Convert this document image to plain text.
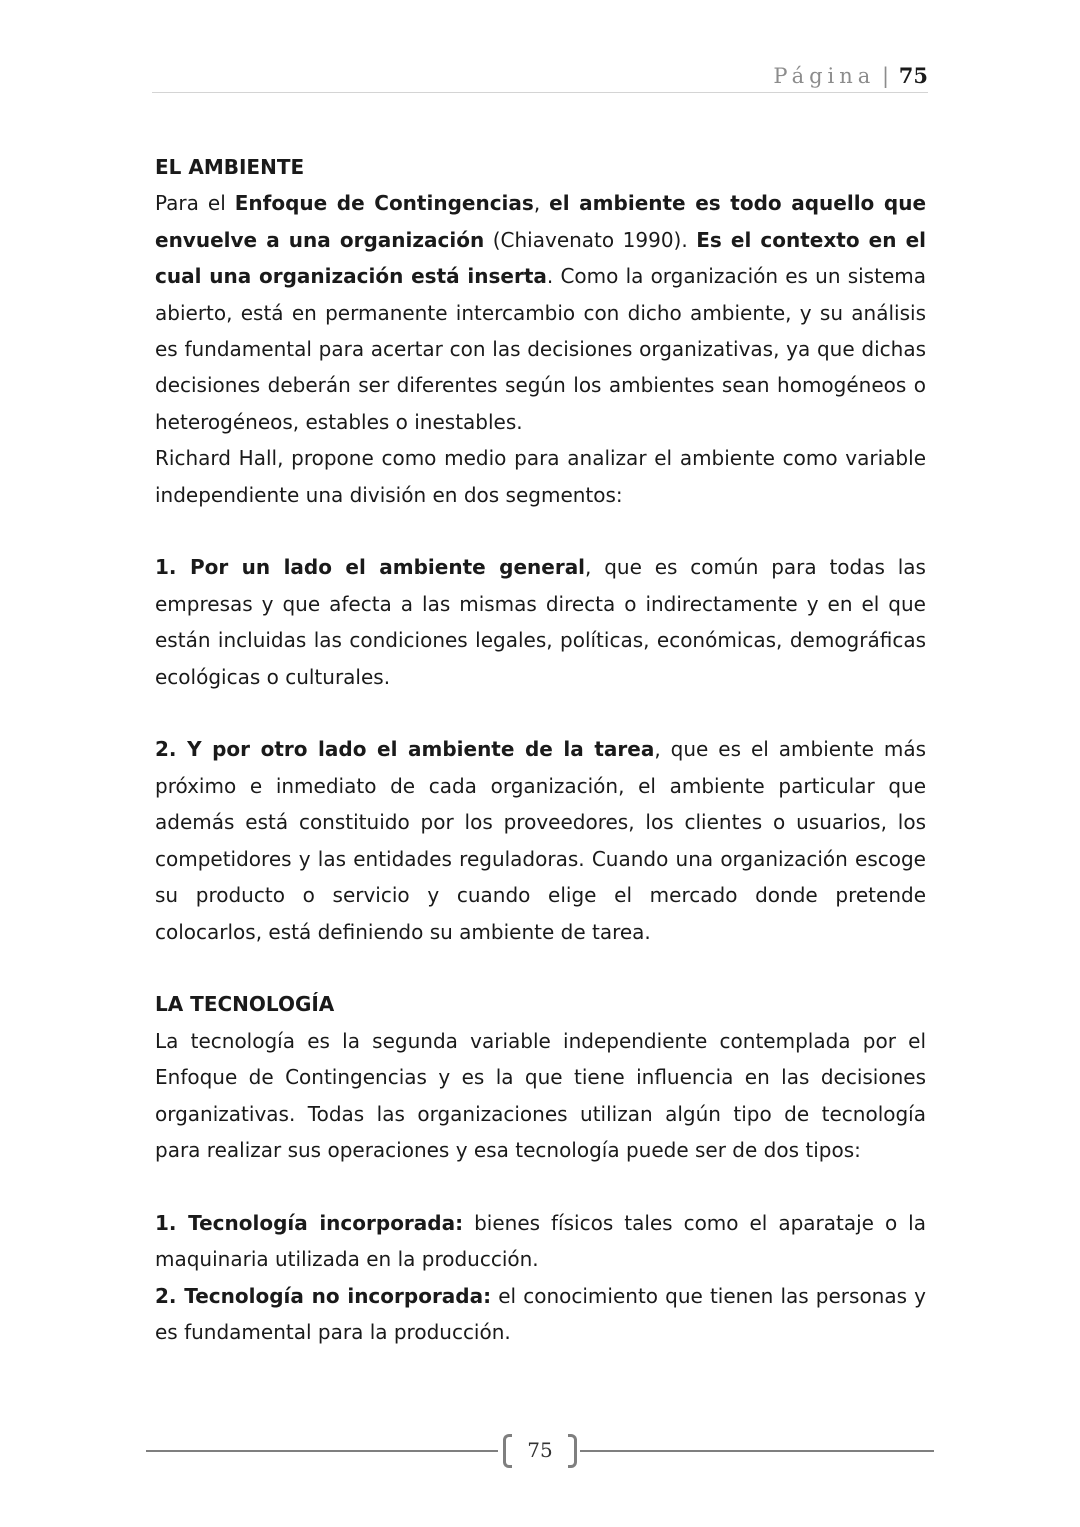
Página | 75

EL AMBIENTE

Para el Enfoque de Contingencias, el ambiente es todo aquello que envuelve a una organización (Chiavenato 1990). Es el contexto en el cual una organización está inserta. Como la organización es un sistema abierto, está en permanente intercambio con dicho ambiente, y su análisis es fundamental para acertar con las decisiones organizativas, ya que dichas decisiones deberán ser diferentes según los ambientes sean homogéneos o heterogéneos, estables o inestables.

Richard Hall, propone como medio para analizar el ambiente como variable independiente una división en dos segmentos:

1. Por un lado el ambiente general, que es común para todas las empresas y que afecta a las mismas directa o indirectamente y en el que están incluidas las condiciones legales, políticas, económicas, demográficas ecológicas o culturales.

2. Y por otro lado el ambiente de la tarea, que es el ambiente más próximo e inmediato de cada organización, el ambiente particular que además está constituido por los proveedores, los clientes o usuarios, los competidores y las entidades reguladoras. Cuando una organización escoge su producto o servicio y cuando elige el mercado donde pretende colocarlos, está definiendo su ambiente de tarea.

LA TECNOLOGÍA

La tecnología es la segunda variable independiente contemplada por el Enfoque de Contingencias y es la que tiene influencia en las decisiones organizativas. Todas las organizaciones utilizan algún tipo de tecnología para realizar sus operaciones y esa tecnología puede ser de dos tipos:

1. Tecnología incorporada: bienes físicos tales como el aparataje o la maquinaria utilizada en la producción.

2. Tecnología no incorporada: el conocimiento que tienen las personas y es fundamental para la producción.

75
